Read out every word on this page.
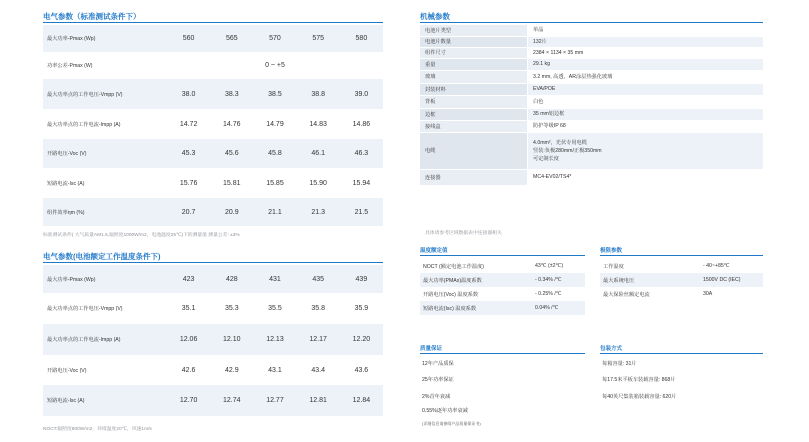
电气参数（标准测试条件下）
最大功率-Pmax (Wp)	560	565	570	575	580
功率公差-Pmax (W)	0 ~ +5				
最大功率点的工作电压-Vmpp (V)	38.0	38.3	38.5	38.8	39.0
最大功率点的工作电流-Impp (A)	14.72	14.76	14.79	14.83	14.86
开路电压-Voc (V)	45.3	45.6	45.8	46.1	46.3
短路电流-Isc (A)	15.76	15.81	15.85	15.90	15.94
组件效率ηm (%)	20.7	20.9	21.1	21.3	21.5
标准测试条件( 大气质量AM1.5,辐照度1000W/m2，电池温度25℃)下的测量值 测量公差: ±3%
电气参数(电池额定工作温度条件下)
最大功率-Pmax (Wp)	423	428	431	435	439
最大功率点的工作电压-Vmpp (V)	35.1	35.3	35.5	35.8	35.9
最大功率点的工作电流-Impp (A)	12.06	12.10	12.13	12.17	12.20
开路电压-Voc (V)	42.6	42.9	43.1	43.4	43.6
短路电流-Isc (A)	12.70	12.74	12.77	12.81	12.84
NOCT:辐照度800W/m2，环境温度20℃，风速1m/s
机械参数
电池片类型	单晶

电池片数量	132片

组件尺寸	2384 × 1134 × 35 mm

重量	29.1 kg

玻璃	3.2 mm, 高透、AR涂层热强化玻璃

封装材料	EVA/POE

背板	白色

边框	35 mm铝边框

接线盒	防护等级IP 68

电缆	4.0mm²，光伏专用电缆
竖装:负极280mm/正极350mm
可定制长度

连接器	MC4-EV02/TS4*
具体请参考区域数据表中连接器相关
温度额定值
NOCT (额定电池工作温度)	43℃ (±2℃)
最大功率(PMAx)温度系数	- 0.34% /℃
开路电压(Voc) 温度系数	- 0.25% /℃
短路电流(Isc) 温度系数	0.04% /℃
极限参数
工作温度	- 40~+85℃
最大系统电压	1500V DC (IEC)
最大保险丝额定电流	30A
质量保证
12年产品质保
25年功率保证
2%首年衰减
0.55%逐年功率衰减
(详细信息请参阅产品质量保证书)
包装方式
每箱容量: 31片
每17.5米平板车装载容量: 868片
每40英尺集装箱装载容量: 620片
